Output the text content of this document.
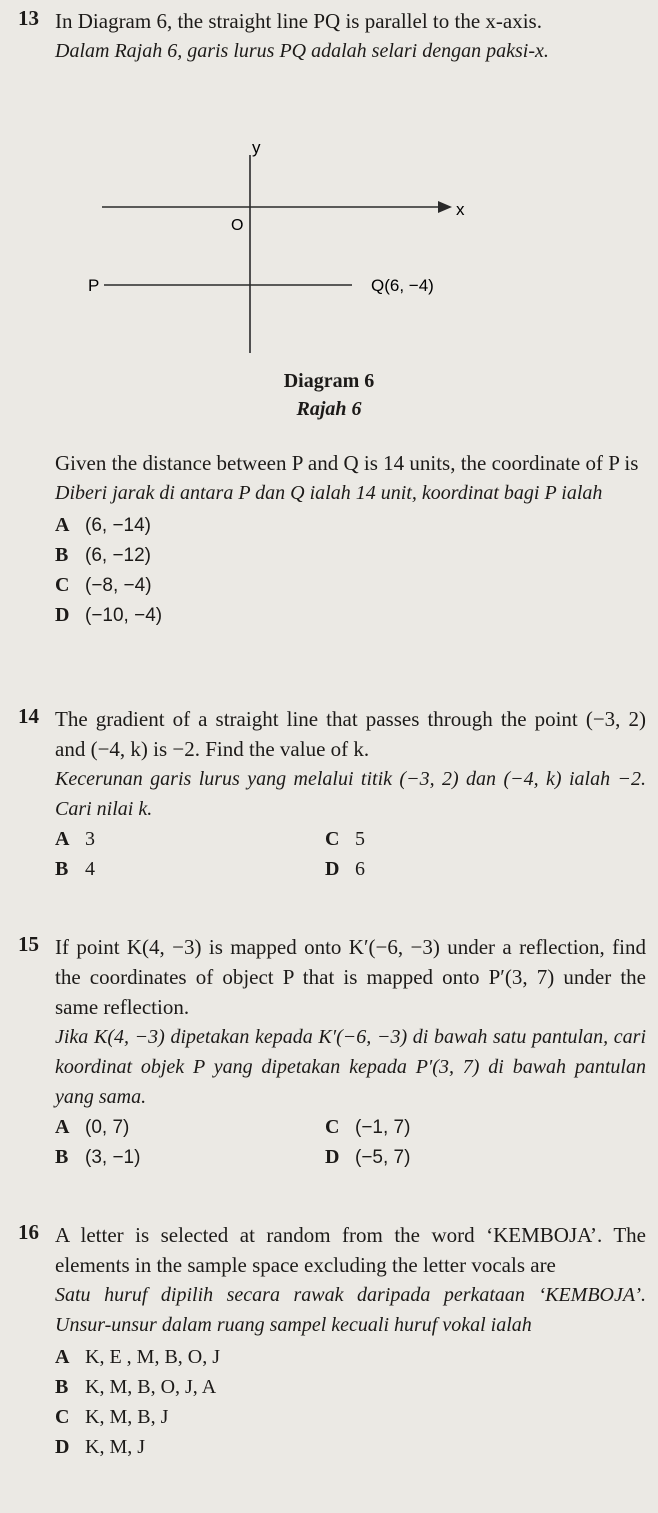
13 In Diagram 6, the straight line PQ is parallel to the x-axis.
Dalam Rajah 6, garis lurus PQ adalah selari dengan paksi-x.
y
x
O
P	Q(6, −4)
Diagram 6
Rajah 6
Given the distance between P and Q is 14 units, the coordinate of P is
Diberi jarak di antara P dan Q ialah 14 unit, koordinat bagi P ialah
A (6, −14)
B (6, −12)
C (−8, −4)
D (−10, −4)
14 The gradient of a straight line that passes through the point (−3, 2) and (−4, k) is −2. Find the value of k.
Kecerunan garis lurus yang melalui titik (−3, 2) dan (−4, k) ialah −2. Cari nilai k.
A 3	C 5
B 4	D 6
15 If point K(4, −3) is mapped onto K′(−6, −3) under a reflection, find the coordinates of object P that is mapped onto P′(3, 7) under the same reflection.
Jika K(4, −3) dipetakan kepada K′(−6, −3) di bawah satu pantulan, cari koordinat objek P yang dipetakan kepada P′(3, 7) di bawah pantulan yang sama.
A (0, 7)	C (−1, 7)
B (3, −1)	D (−5, 7)
16 A letter is selected at random from the word ‘KEMBOJA’. The elements in the sample space excluding the letter vocals are
Satu huruf dipilih secara rawak daripada perkataan ‘KEMBOJA’. Unsur-unsur dalam ruang sampel kecuali huruf vokal ialah
A K, E , M, B, O, J
B K, M, B, O, J, A
C K, M, B, J
D K, M, J
